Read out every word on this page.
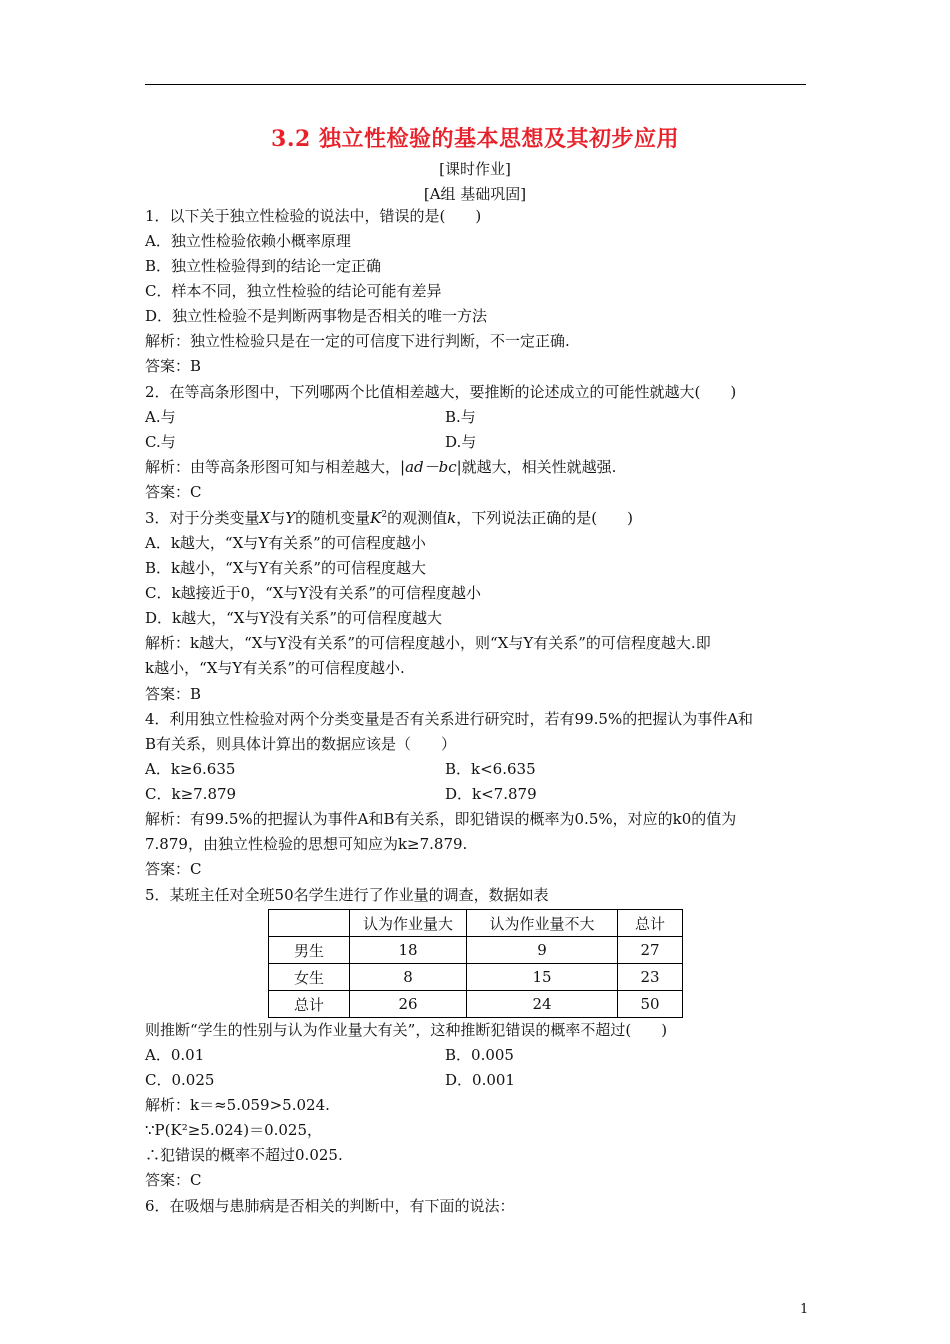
3.2 独立性检验的基本思想及其初步应用
[课时作业]
[A组 基础巩固]
1．以下关于独立性检验的说法中，错误的是(　　)
A．独立性检验依赖小概率原理
B．独立性检验得到的结论一定正确
C．样本不同，独立性检验的结论可能有差异
D．独立性检验不是判断两事物是否相关的唯一方法
解析：独立性检验只是在一定的可信度下进行判断，不一定正确.
答案：B
2．在等高条形图中，下列哪两个比值相差越大，要推断的论述成立的可能性就越大(　　)
A.与	B.与
C.与	D.与
解析：由等高条形图可知与相差越大，|ad－bc|就越大，相关性就越强.
答案：C
3．对于分类变量X与Y的随机变量$K^2$的观测值k，下列说法正确的是(　　)
A．k越大，“X与Y有关系”的可信程度越小
B．k越小，“X与Y有关系”的可信程度越大
C．k越接近于0，“X与Y没有关系”的可信程度越小
D．k越大，“X与Y没有关系”的可信程度越大
解析：k越大，“X与Y没有关系”的可信程度越小，则“X与Y有关系”的可信程度越大.即
k越小，“X与Y有关系”的可信程度越小.
答案：B
4．利用独立性检验对两个分类变量是否有关系进行研究时，若有99.5%的把握认为事件A和
B有关系，则具体计算出的数据应该是（　　）
A．k≥6.635	B．k<6.635
C．k≥7.879	D．k<7.879
解析：有99.5%的把握认为事件A和B有关系，即犯错误的概率为0.5%，对应的k0的值为
7.879，由独立性检验的思想可知应为k≥7.879.
答案：C
5．某班主任对全班50名学生进行了作业量的调查，数据如表
	认为作业量大	认为作业量不大	总计
男生	18	9	27
女生	8	15	23
总计	26	24	50
则推断“学生的性别与认为作业量大有关”，这种推断犯错误的概率不超过(　　)
A．0.01	B．0.005
C．0.025	D．0.001
解析：k＝≈5.059>5.024.
∵P(K²≥5.024)＝0.025，
∴犯错误的概率不超过0.025.
答案：C
6．在吸烟与患肺病是否相关的判断中，有下面的说法：
1
